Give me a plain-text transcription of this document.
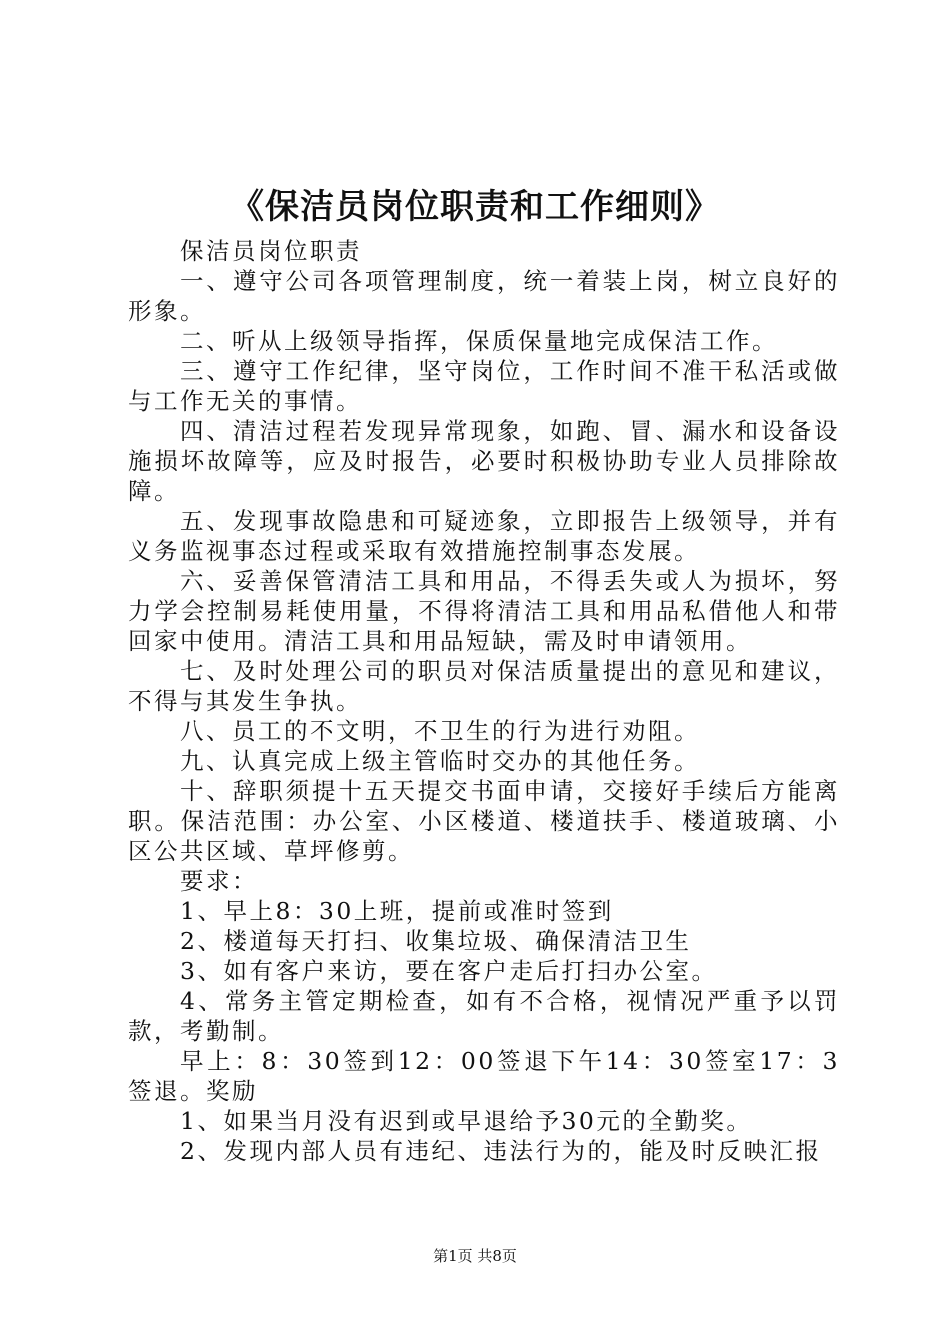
《保洁员岗位职责和工作细则》

保洁员岗位职责

一、遵守公司各项管理制度，统一着装上岗，树立良好的形象。

二、听从上级领导指挥，保质保量地完成保洁工作。

三、遵守工作纪律，坚守岗位，工作时间不准干私活或做与工作无关的事情。

四、清洁过程若发现异常现象，如跑、冒、漏水和设备设施损坏故障等，应及时报告，必要时积极协助专业人员排除故障。

五、发现事故隐患和可疑迹象，立即报告上级领导，并有义务监视事态过程或采取有效措施控制事态发展。

六、妥善保管清洁工具和用品，不得丢失或人为损坏，努力学会控制易耗使用量，不得将清洁工具和用品私借他人和带回家中使用。清洁工具和用品短缺，需及时申请领用。

七、及时处理公司的职员对保洁质量提出的意见和建议，不得与其发生争执。

八、员工的不文明，不卫生的行为进行劝阻。

九、认真完成上级主管临时交办的其他任务。

十、辞职须提十五天提交书面申请，交接好手续后方能离职。保洁范围：办公室、小区楼道、楼道扶手、楼道玻璃、小区公共区域、草坪修剪。

要求：

1、早上8：30上班，提前或准时签到

2、楼道每天打扫、收集垃圾、确保清洁卫生

3、如有客户来访，要在客户走后打扫办公室。

4、常务主管定期检查，如有不合格，视情况严重予以罚款，考勤制。

早上：8：30签到12：00签退下午14：30签室17：3签退。奖励

1、如果当月没有迟到或早退给予30元的全勤奖。

2、发现内部人员有违纪、违法行为的，能及时反映汇报

第1页 共8页
